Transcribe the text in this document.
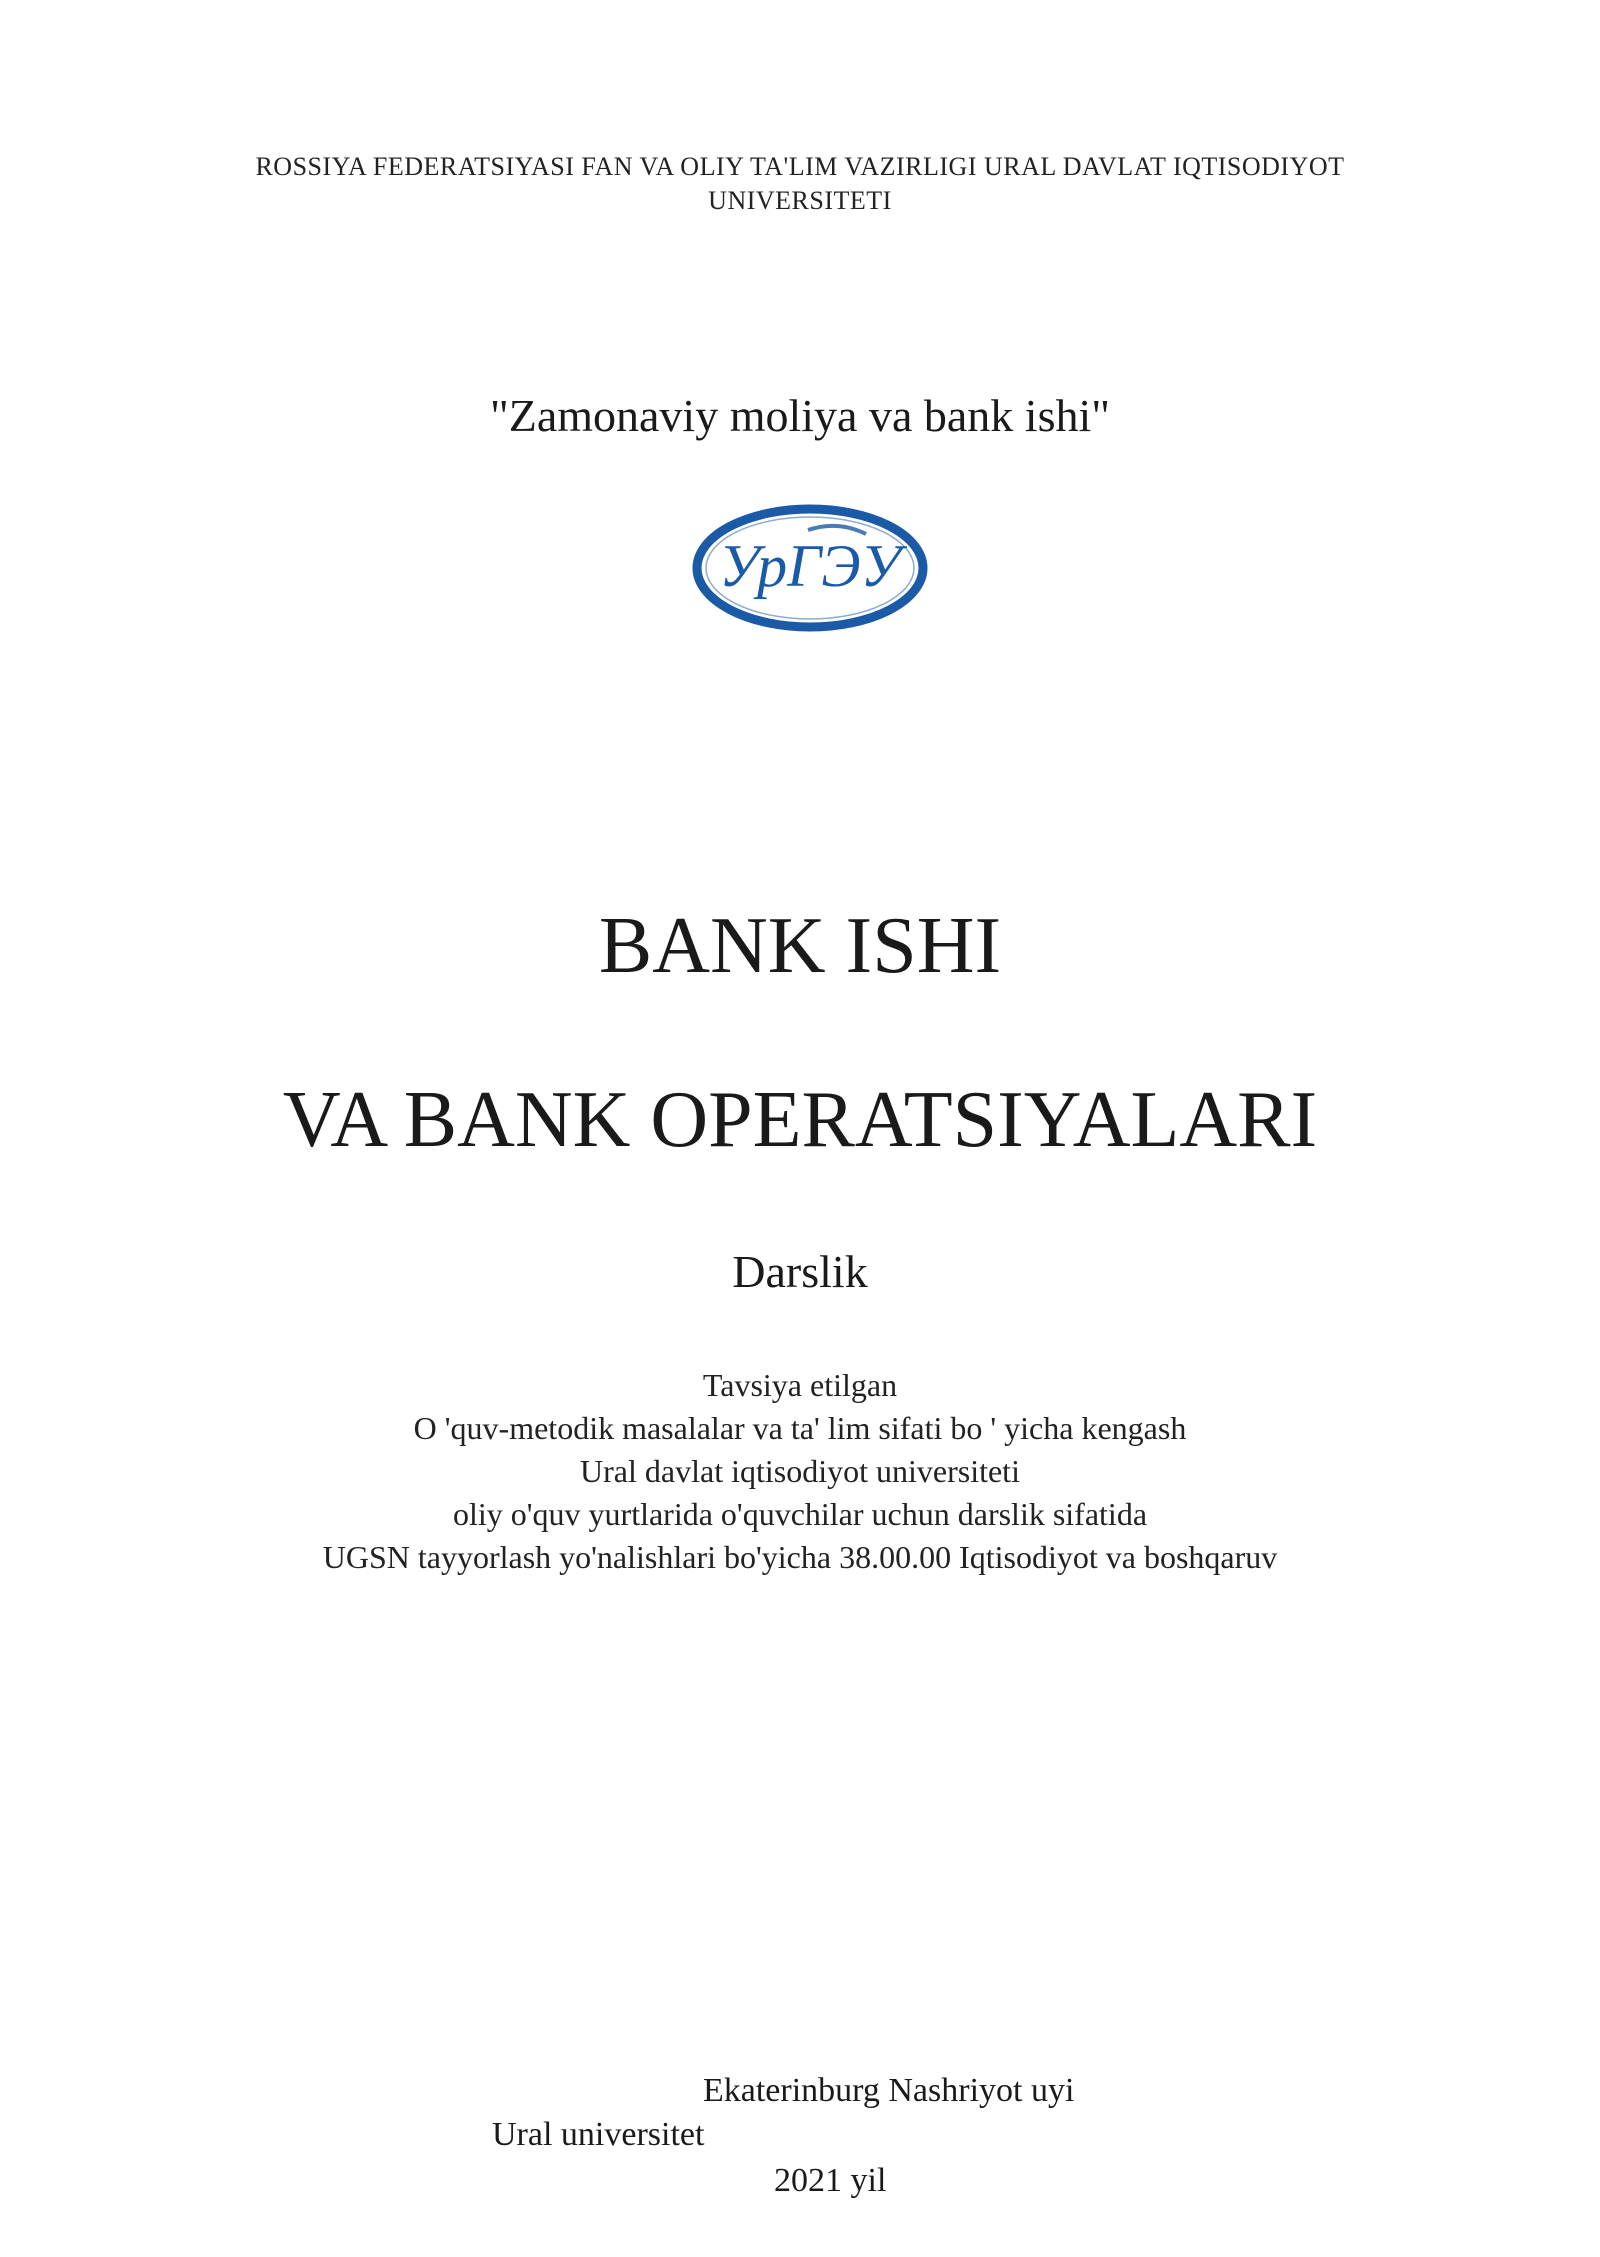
ROSSIYA FEDERATSIYASI FAN VA OLIY TA'LIM VAZIRLIGI URAL DAVLAT IQTISODIYOT
UNIVERSITETI
"Zamonaviy moliya va bank ishi"
УрГЭУ
BANK ISHI
VA BANK OPERATSIYALARI
Darslik
Tavsiya etilgan
O 'quv-metodik masalalar va ta' lim sifati bo ' yicha kengash
Ural davlat iqtisodiyot universiteti
oliy o'quv yurtlarida o'quvchilar uchun darslik sifatida
UGSN tayyorlash yo'nalishlari bo'yicha 38.00.00 Iqtisodiyot va boshqaruv
Ekaterinburg Nashriyot uyi
Ural universitet
2021 yil
